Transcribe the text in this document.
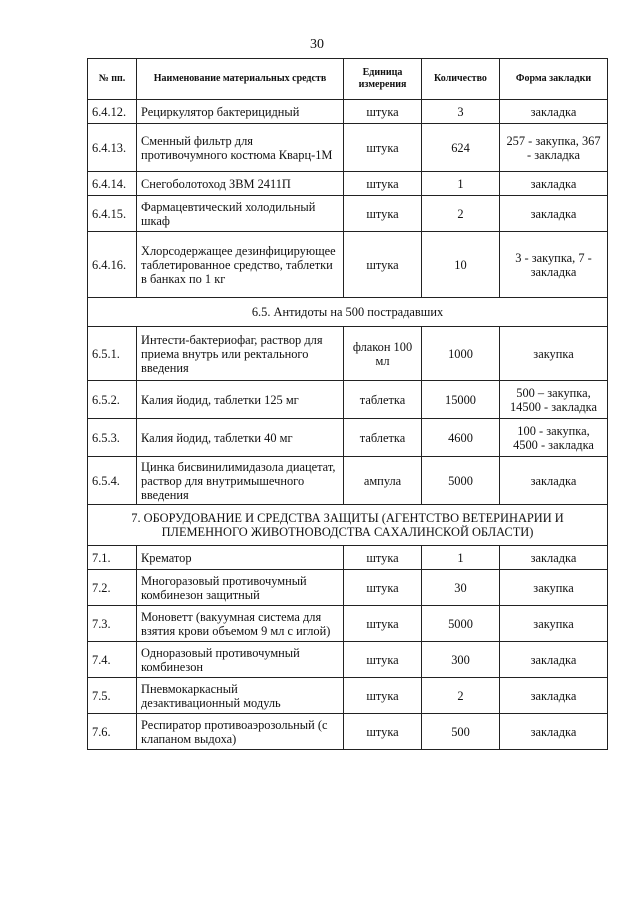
30
№ пп.	Наименование материальных средств	Единица измерения	Количество	Форма закладки
6.4.12.	Рециркулятор бактерицидный	штука	3	закладка
6.4.13.	Сменный фильтр для противочумного костюма Кварц-1М	штука	624	257 - закупка, 367 - закладка
6.4.14.	Снегоболотоход ЗВМ 2411П	штука	1	закладка
6.4.15.	Фармацевтический холодильный шкаф	штука	2	закладка
6.4.16.	Хлорсодержащее дезинфицирующее таблетированное средство, таблетки в банках по 1 кг	штука	10	3 - закупка, 7 - закладка
6.5. Антидоты на 500 пострадавших				
6.5.1.	Интести-бактериофаг, раствор для приема внутрь или ректального введения	флакон 100 мл	1000	закупка
6.5.2.	Калия йодид, таблетки 125 мг	таблетка	15000	500 – закупка, 14500 - закладка
6.5.3.	Калия йодид, таблетки 40 мг	таблетка	4600	100 - закупка, 4500 - закладка
6.5.4.	Цинка бисвинилимидазола диацетат, раствор для внутримышечного введения	ампула	5000	закладка
7. ОБОРУДОВАНИЕ И СРЕДСТВА ЗАЩИТЫ (АГЕНТСТВО ВЕТЕРИНАРИИ И ПЛЕМЕННОГО ЖИВОТНОВОДСТВА САХАЛИНСКОЙ ОБЛАСТИ)				
7.1.	Крематор	штука	1	закладка
7.2.	Многоразовый противочумный комбинезон защитный	штука	30	закупка
7.3.	Моноветт (вакуумная система для взятия крови объемом 9 мл с иглой)	штука	5000	закупка
7.4.	Одноразовый противочумный комбинезон	штука	300	закладка
7.5.	Пневмокаркасный дезактивационный модуль	штука	2	закладка
7.6.	Респиратор противоаэрозольный (с клапаном выдоха)	штука	500	закладка
